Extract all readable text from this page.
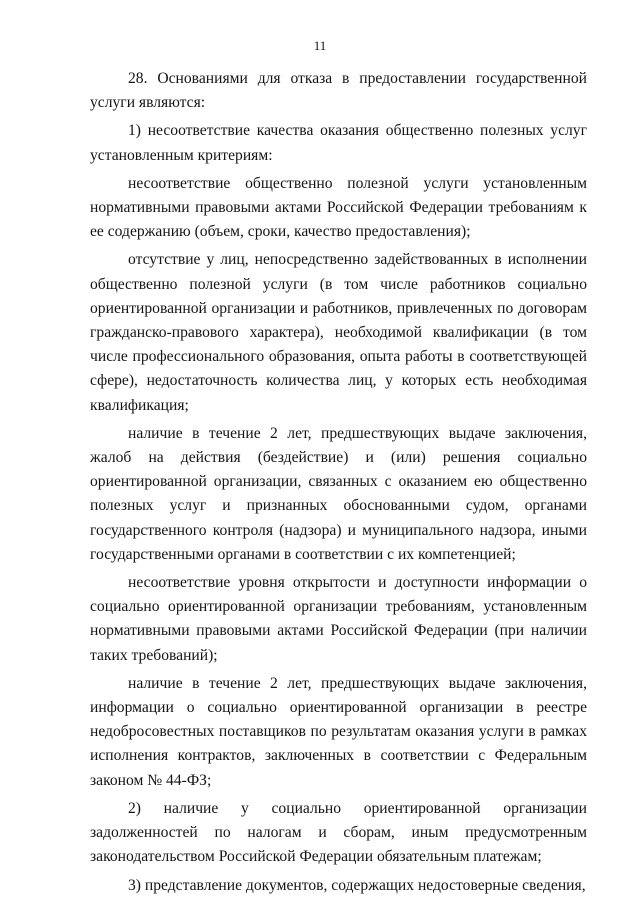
11

28. Основаниями для отказа в предоставлении государственной услуги являются:

1) несоответствие качества оказания общественно полезных услуг установленным критериям:

несоответствие общественно полезной услуги установленным нормативными правовыми актами Российской Федерации требованиям к ее содержанию (объем, сроки, качество предоставления);

отсутствие у лиц, непосредственно задействованных в исполнении общественно полезной услуги (в том числе работников социально ориентированной организации и работников, привлеченных по договорам гражданско-правового характера), необходимой квалификации (в том числе профессионального образования, опыта работы в соответствующей сфере), недостаточность количества лиц, у которых есть необходимая квалификация;

наличие в течение 2 лет, предшествующих выдаче заключения, жалоб на действия (бездействие) и (или) решения социально ориентированной организации, связанных с оказанием ею общественно полезных услуг и признанных обоснованными судом, органами государственного контроля (надзора) и муниципального надзора, иными государственными органами в соответствии с их компетенцией;

несоответствие уровня открытости и доступности информации о социально ориентированной организации требованиям, установленным нормативными правовыми актами Российской Федерации (при наличии таких требований);

наличие в течение 2 лет, предшествующих выдаче заключения, информации о социально ориентированной организации в реестре недобросовестных поставщиков по результатам оказания услуги в рамках исполнения контрактов, заключенных в соответствии с Федеральным законом № 44-ФЗ;

2) наличие у социально ориентированной организации задолженностей по налогам и сборам, иным предусмотренным законодательством Российской Федерации обязательным платежам;

3) представление документов, содержащих недостоверные сведения,
